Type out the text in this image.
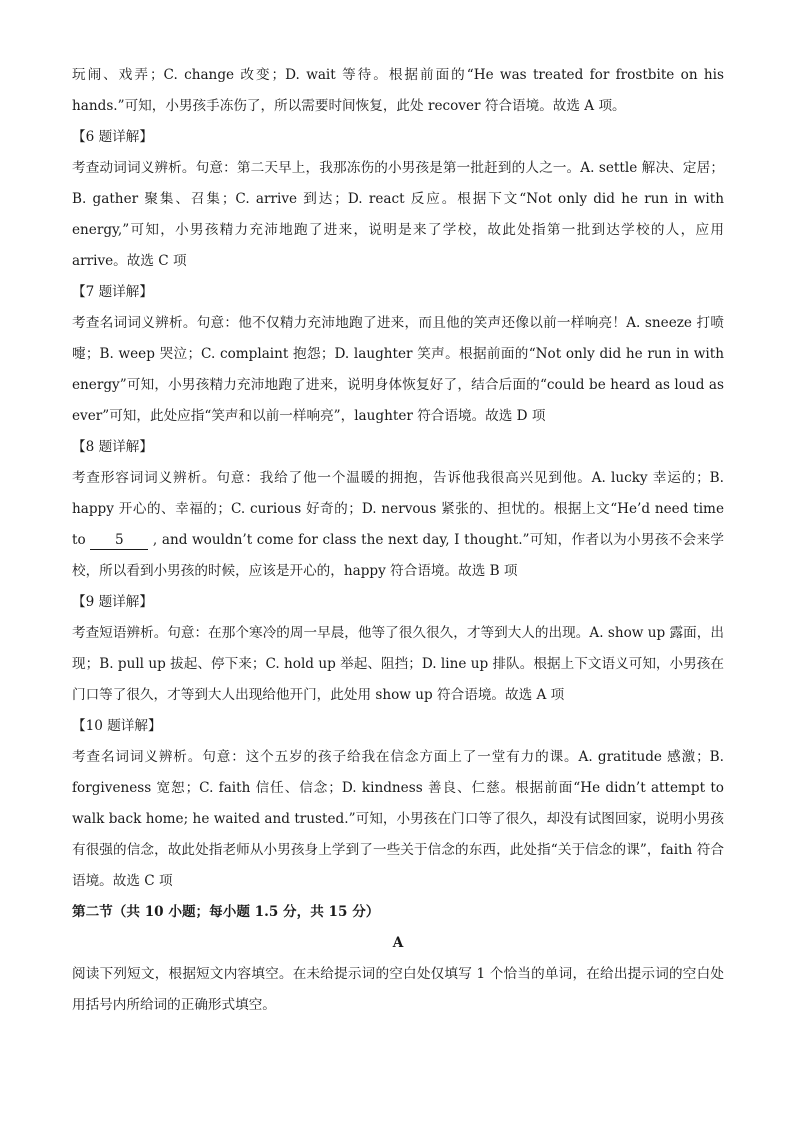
玩闹、戏弄；C. change 改变；D. wait 等待。根据前面的“He was treated for frostbite on his hands.”可知，小男孩手冻伤了，所以需要时间恢复，此处 recover 符合语境。故选 A 项。

【6 题详解】

考查动词词义辨析。句意：第二天早上，我那冻伤的小男孩是第一批赶到的人之一。A. settle 解决、定居；B. gather 聚集、召集；C. arrive 到达；D. react 反应。根据下文“Not only did he run in with energy,”可知，小男孩精力充沛地跑了进来，说明是来了学校，故此处指第一批到达学校的人，应用 arrive。故选 C 项

【7 题详解】

考查名词词义辨析。句意：他不仅精力充沛地跑了进来，而且他的笑声还像以前一样响亮！A. sneeze 打喷嚏；B. weep 哭泣；C. complaint 抱怨；D. laughter 笑声。根据前面的“Not only did he run in with energy”可知，小男孩精力充沛地跑了进来，说明身体恢复好了，结合后面的“could be heard as loud as ever”可知，此处应指“笑声和以前一样响亮”，laughter 符合语境。故选 D 项

【8 题详解】

考查形容词词义辨析。句意：我给了他一个温暖的拥抱，告诉他我很高兴见到他。A. lucky 幸运的；B. happy 开心的、幸福的；C. curious 好奇的；D. nervous 紧张的、担忧的。根据上文“He’d need time to 5 , and wouldn’t come for class the next day, I thought.”可知，作者以为小男孩不会来学校，所以看到小男孩的时候，应该是开心的，happy 符合语境。故选 B 项

【9 题详解】

考查短语辨析。句意：在那个寒冷的周一早晨，他等了很久很久，才等到大人的出现。A. show up 露面，出现；B. pull up 拔起、停下来；C. hold up 举起、阻挡；D. line up 排队。根据上下文语义可知，小男孩在门口等了很久，才等到大人出现给他开门，此处用 show up 符合语境。故选 A 项

【10 题详解】

考查名词词义辨析。句意：这个五岁的孩子给我在信念方面上了一堂有力的课。A. gratitude 感激；B. forgiveness 宽恕；C. faith 信任、信念；D. kindness 善良、仁慈。根据前面“He didn’t attempt to walk back home; he waited and trusted.”可知，小男孩在门口等了很久，却没有试图回家，说明小男孩有很强的信念，故此处指老师从小男孩身上学到了一些关于信念的东西，此处指“关于信念的课”，faith 符合语境。故选 C 项

第二节（共 10 小题；每小题 1.5 分，共 15 分）

A

阅读下列短文，根据短文内容填空。在未给提示词的空白处仅填写 1 个恰当的单词，在给出提示词的空白处用括号内所给词的正确形式填空。
